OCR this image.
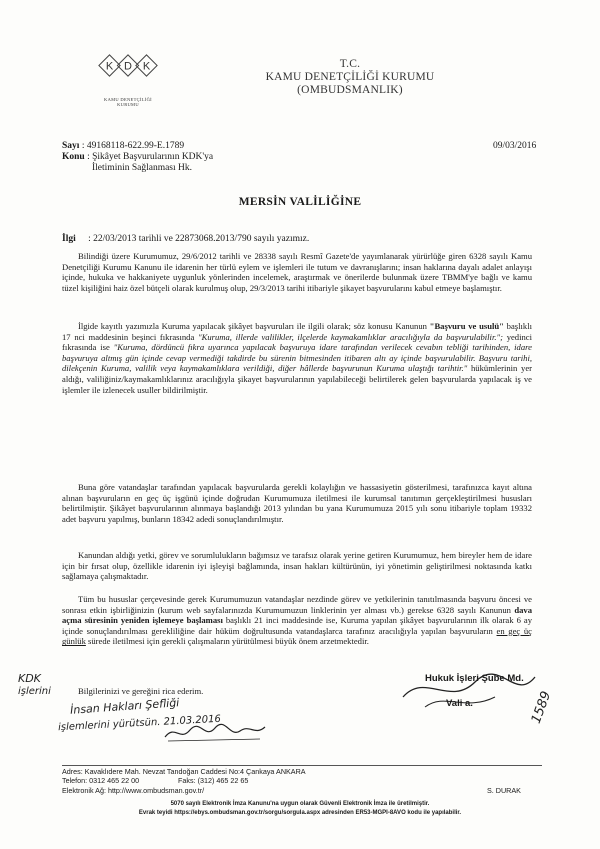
K D K
KAMU DENETÇİLİĞİ
KURUMU
T.C.
KAMU DENETÇİLİĞİ KURUMU
(OMBUDSMANLIK)
Sayı : 49168118-622.99-E.1789	09/03/2016
Konu : Şikâyet Başvurularının KDK'ya
İletiminin Sağlanması Hk.
MERSİN VALİLİĞİNE
İlgi : 22/03/2013 tarihli ve 22873068.2013/790 sayılı yazımız.

Bilindiği üzere Kurumumuz, 29/6/2012 tarihli ve 28338 sayılı Resmî Gazete'de yayımlanarak yürürlüğe giren 6328 sayılı Kamu Denetçiliği Kurumu Kanunu ile idarenin her türlü eylem ve işlemleri ile tutum ve davranışlarını; insan haklarına dayalı adalet anlayışı içinde, hukuka ve hakkaniyete uygunluk yönlerinden incelemek, araştırmak ve önerilerde bulunmak üzere TBMM'ye bağlı ve kamu tüzel kişiliğini haiz özel bütçeli olarak kurulmuş olup, 29/3/2013 tarihi itibariyle şikayet başvurularını kabul etmeye başlamıştır.

İlgide kayıtlı yazımızla Kuruma yapılacak şikâyet başvuruları ile ilgili olarak; söz konusu Kanunun "Başvuru ve usulü" başlıklı 17 nci maddesinin beşinci fıkrasında "Kuruma, illerde valilikler, ilçelerde kaymakamlıklar aracılığıyla da başvurulabilir."; yedinci fıkrasında ise "Kuruma, dördüncü fıkra uyarınca yapılacak başvuruya idare tarafından verilecek cevabın tebliği tarihinden, idare başvuruya altmış gün içinde cevap vermediği takdirde bu sürenin bitmesinden itibaren altı ay içinde başvurulabilir. Başvuru tarihi, dilekçenin Kuruma, valilik veya kaymakamlıklara verildiği, diğer hâllerde başvurunun Kuruma ulaştığı tarihtir." hükümlerinin yer aldığı, valiliğiniz/kaymakamlıklarınız aracılığıyla şikayet başvurularının yapılabileceği belirtilerek gelen başvurularda yapılacak iş ve işlemler ile izlenecek usuller bildirilmiştir.

Buna göre vatandaşlar tarafından yapılacak başvurularda gerekli kolaylığın ve hassasiyetin gösterilmesi, tarafınızca kayıt altına alınan başvuruların en geç üç işgünü içinde doğrudan Kurumumuza iletilmesi ile kurumsal tanıtımın gerçekleştirilmesi hususları belirtilmiştir. Şikâyet başvurularının alınmaya başlandığı 2013 yılından bu yana Kurumumuza 2015 yılı sonu itibariyle toplam 19332 adet başvuru yapılmış, bunların 18342 adedi sonuçlandırılmıştır.

Kanundan aldığı yetki, görev ve sorumlulukların bağımsız ve tarafsız olarak yerine getiren Kurumumuz, hem bireyler hem de idare için bir fırsat olup, özellikle idarenin iyi işleyişi bağlamında, insan hakları kültürünün, iyi yönetimin geliştirilmesi noktasında katkı sağlamaya çalışmaktadır.

Tüm bu hususlar çerçevesinde gerek Kurumumuzun vatandaşlar nezdinde görev ve yetkilerinin tanıtılmasında başvuru öncesi ve sonrası etkin işbirliğinizin (kurum web sayfalarınızda Kurumumuzun linklerinin yer alması vb.) gerekse 6328 sayılı Kanunun dava açma süresinin yeniden işlemeye başlaması başlıklı 21 inci maddesinde ise, Kuruma yapılan şikâyet başvurularının ilk olarak 6 ay içinde sonuçlandırılması gerekliliğine dair hüküm doğrultusunda vatandaşlarca tarafınız aracılığıyla yapılan başvuruların en geç üç günlük sürede iletilmesi için gerekli çalışmaların yürütülmesi büyük önem arzetmektedir.

Bilgilerinizi ve gereğini rica ederim.

KDK
işlerini
İnsan Hakları Şefliği
işlemlerini yürütsün. 21.03.2016
Hukuk İşleri Şube Md.
Vali a.	1589
Adres: Kavaklıdere Mah. Nevzat Tandoğan Caddesi No:4 Çankaya ANKARA
Telefon: 0312 465 22 00	Faks: (312) 465 22 65
Elektronik Ağ: http://www.ombudsman.gov.tr/	S. DURAK
5070 sayılı Elektronik İmza Kanunu'na uygun olarak Güvenli Elektronik İmza ile üretilmiştir.
Evrak teyidi https://ebys.ombudsman.gov.tr/sorgu/sorgula.aspx adresinden ER53-MGPI-8AVO kodu ile yapılabilir.
